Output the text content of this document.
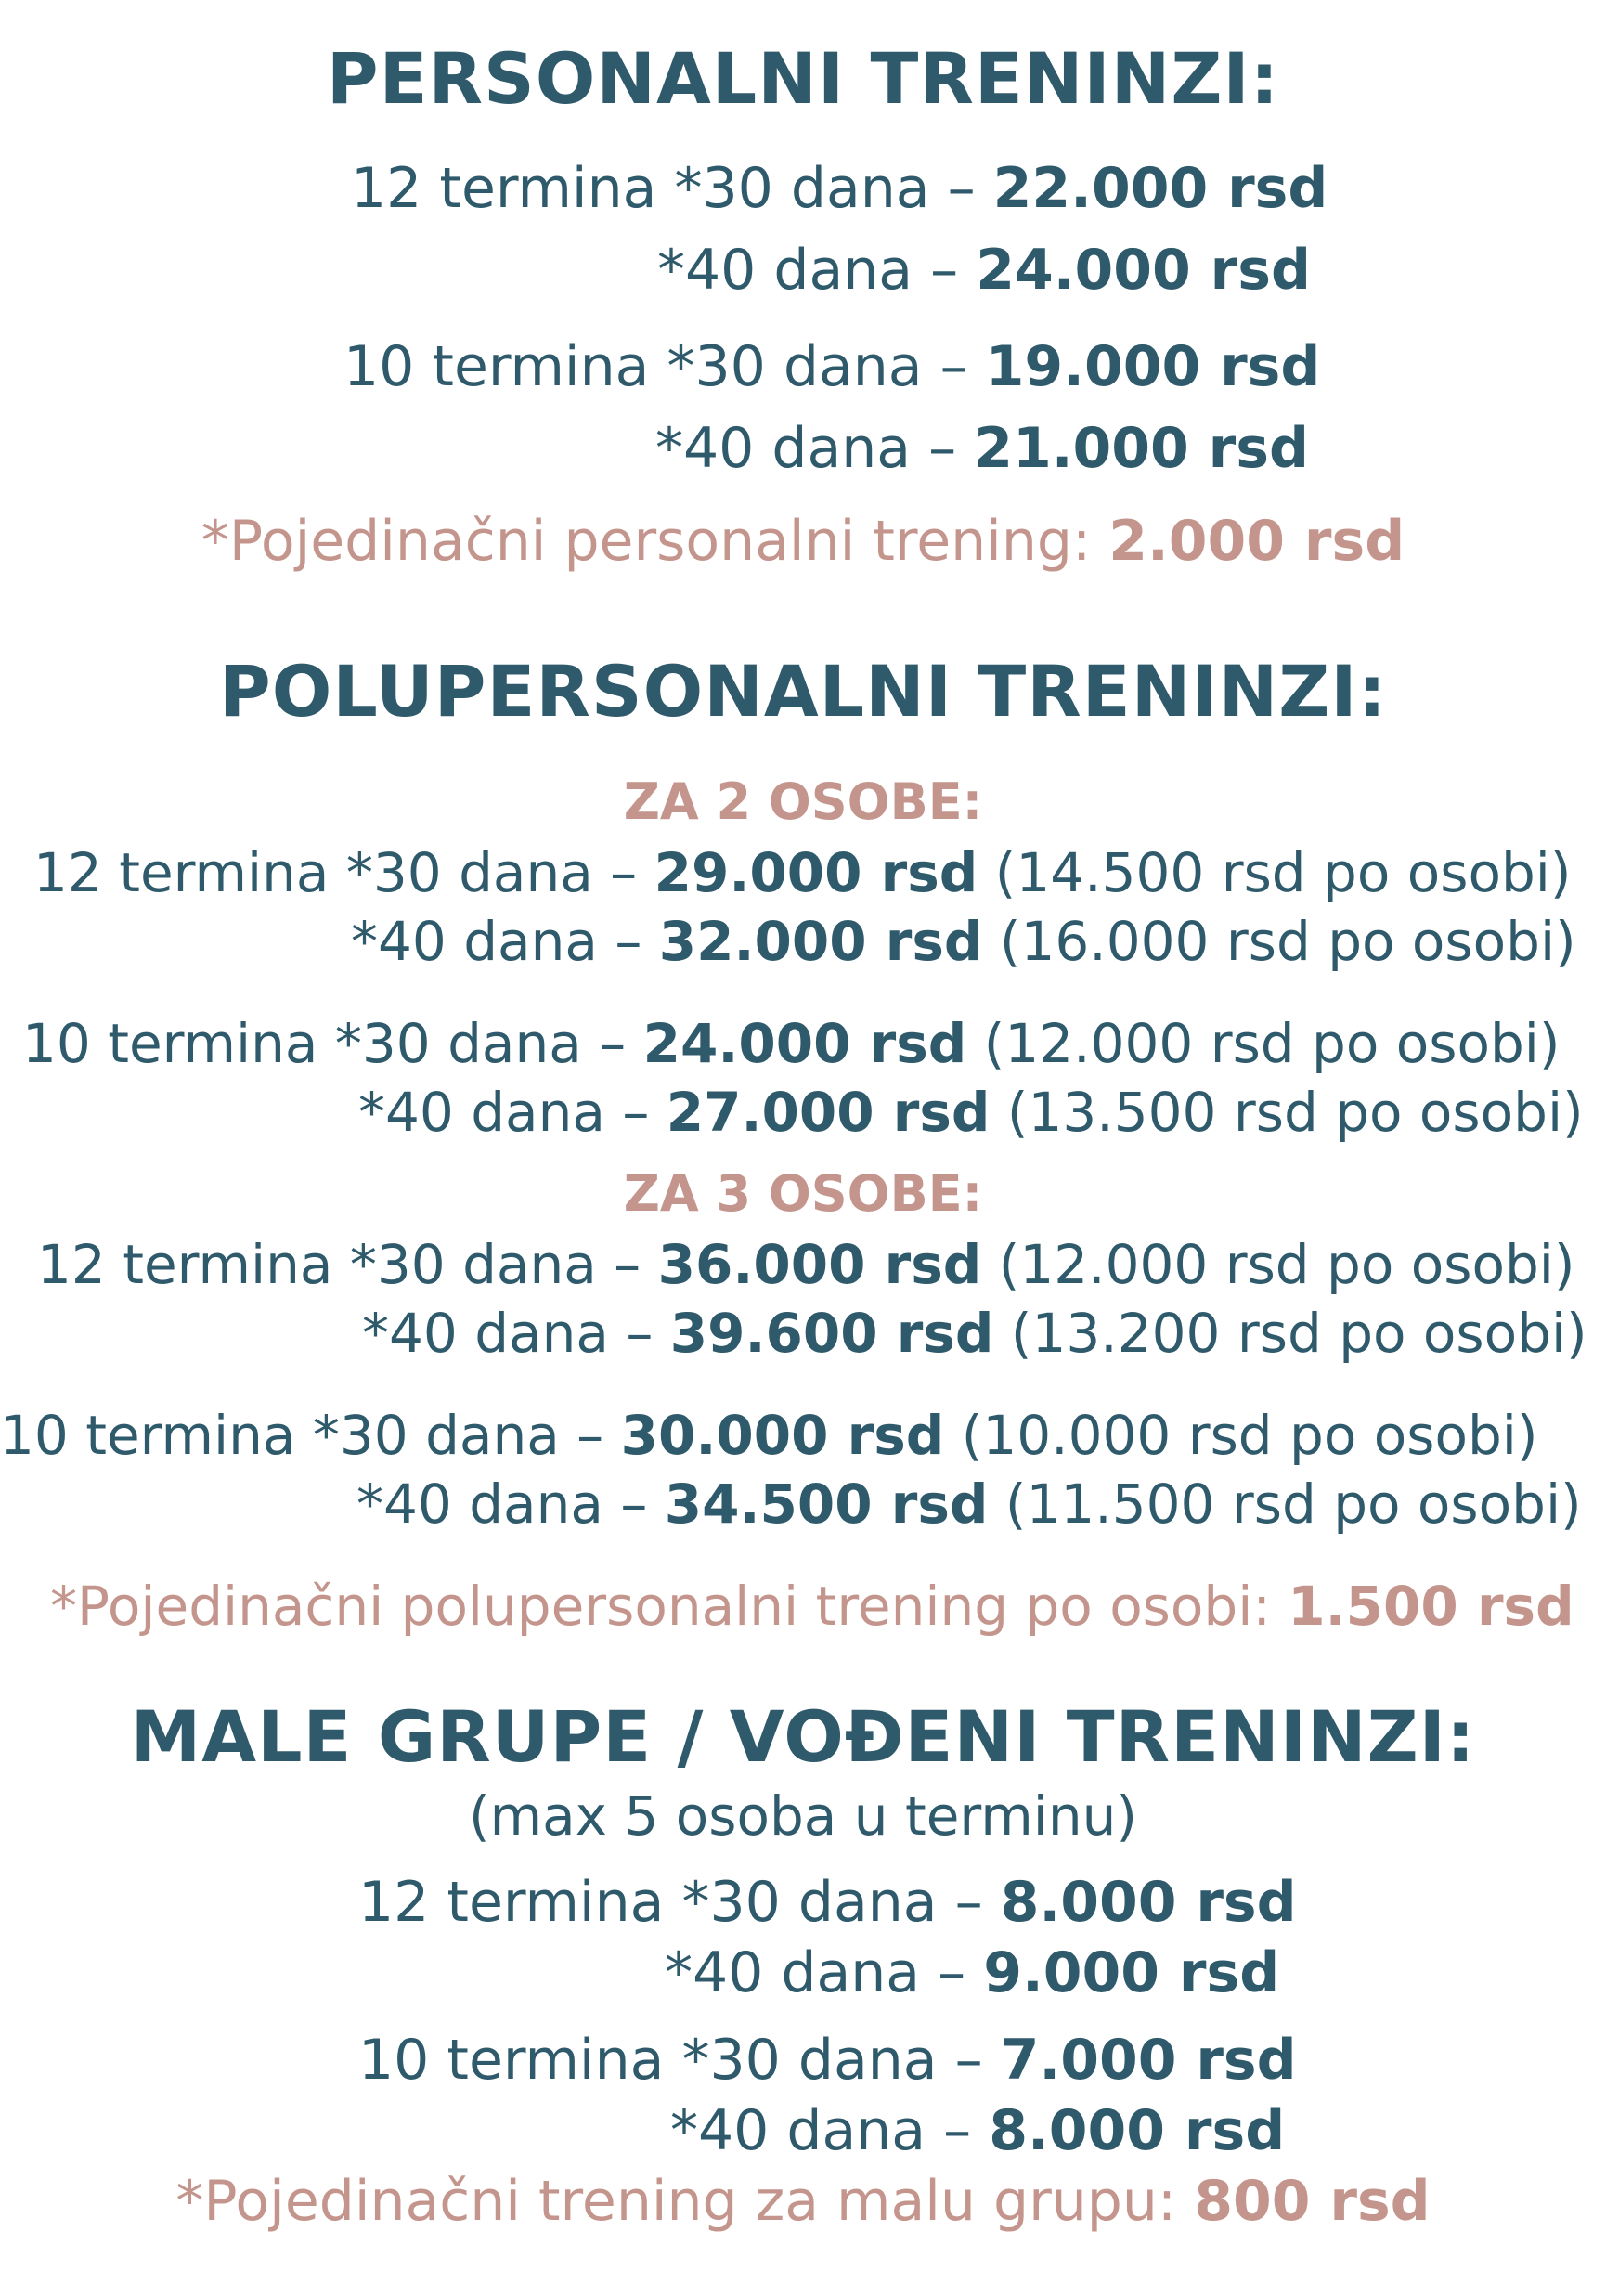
PERSONALNI TRENINZI:
12 termina *30 dana – 22.000 rsd
*40 dana – 24.000 rsd
10 termina *30 dana – 19.000 rsd
*40 dana – 21.000 rsd
*Pojedinačni personalni trening: 2.000 rsd
POLUPERSONALNI TRENINZI:
ZA 2 OSOBE:
12 termina *30 dana – 29.000 rsd (14.500 rsd po osobi)
*40 dana – 32.000 rsd (16.000 rsd po osobi)
10 termina *30 dana – 24.000 rsd (12.000 rsd po osobi)
*40 dana – 27.000 rsd (13.500 rsd po osobi)
ZA 3 OSOBE:
12 termina *30 dana – 36.000 rsd (12.000 rsd po osobi)
*40 dana – 39.600 rsd (13.200 rsd po osobi)
10 termina *30 dana – 30.000 rsd (10.000 rsd po osobi)
*40 dana – 34.500 rsd (11.500 rsd po osobi)
*Pojedinačni polupersonalni trening po osobi: 1.500 rsd
MALE GRUPE / VOĐENI TRENINZI:
(max 5 osoba u terminu)
12 termina *30 dana – 8.000 rsd
*40 dana – 9.000 rsd
10 termina *30 dana – 7.000 rsd
*40 dana – 8.000 rsd
*Pojedinačni trening za malu grupu: 800 rsd
